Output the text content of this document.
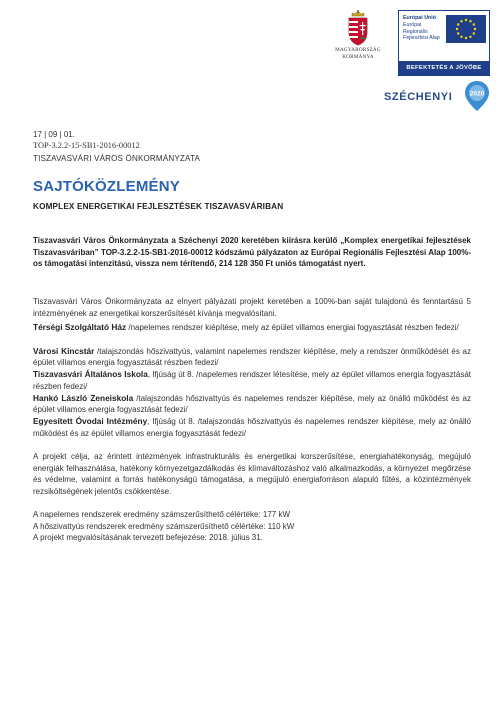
MAGYARORSZÁG
KORMÁNYA
Európai Unió
Európai Regionális
Fejlesztési Alap
BEFEKTETÉS A JÖVŐBE
SZÉCHENYI	2020
17 | 09 | 01.
TOP-3.2.2-15-SB1-2016-00012
TISZAVASVÁRI VÁROS ÖNKORMÁNYZATA
SAJTÓKÖZLEMÉNY
KOMPLEX ENERGETIKAI FEJLESZTÉSEK TISZAVASVÁRIBAN
Tiszavasvári Város Önkormányzata a Széchenyi 2020 keretében kiírásra kerülő „Komplex energetikai fejlesztések Tiszavasváriban” TOP-3.2.2-15-SB1-2016-00012 kódszámú pályázaton az Európai Regionális Fejlesztési Alap 100%-os támogatási intenzitású, vissza nem térítendő, 214 128 350 Ft uniós támogatást nyert.
Tiszavasvári Város Önkormányzata az elnyert pályázati projekt keretében a 100%-ban saját tulajdonú és fenntartású 5 intézményének az energetikai korszerűsítését kívánja megvalósítani.
Térségi Szolgáltató Ház /napelemes rendszer kiépítése, mely az épület villamos energiai fogyasztását részben fedezi/
Városi Kincstár /talajszondás hőszivattyús, valamint napelemes rendszer kiépítése, mely a rendszer önműködését és az épület villamos energia fogyasztását részben fedezi/
Tiszavasvári Általános Iskola, Ifjúság út 8. /napelemes rendszer létesítése, mely az épület villamos energia fogyasztását részben fedezi/
Hankó László Zeneiskola /talajszondás hőszivattyús és napelemes rendszer kiépítése, mely az önálló működést és az épület villamos energia fogyasztását fedezi/
Egyesített Óvodai Intézmény, Ifjúság út 8. /talajszondás hőszivattyús és napelemes rendszer kiépítése, mely az önálló működést és az épület villamos energia fogyasztását fedezi/
A projekt célja, az érintett intézmények infrastrukturális és energetikai korszerűsítése, energiahatékonyság, megújuló energiák felhasználása, hatékony környezetgazdálkodás és klímaváltozáshoz való alkalmazkodás, a környezet megőrzése és védelme, valamint a forrás hatékonyságú támogatása, a megújuló energiaforráson alapuló fűtés, a közintézmények rezsiköltségének jelentős csökkentése.
A napelemes rendszerek eredmény számszerűsíthető célértéke: 177 kW
A hőszivattyús rendszerek eredmény számszerűsíthető célértéke: 110 kW
A projekt megvalósításának tervezett befejezése: 2018. július 31.
